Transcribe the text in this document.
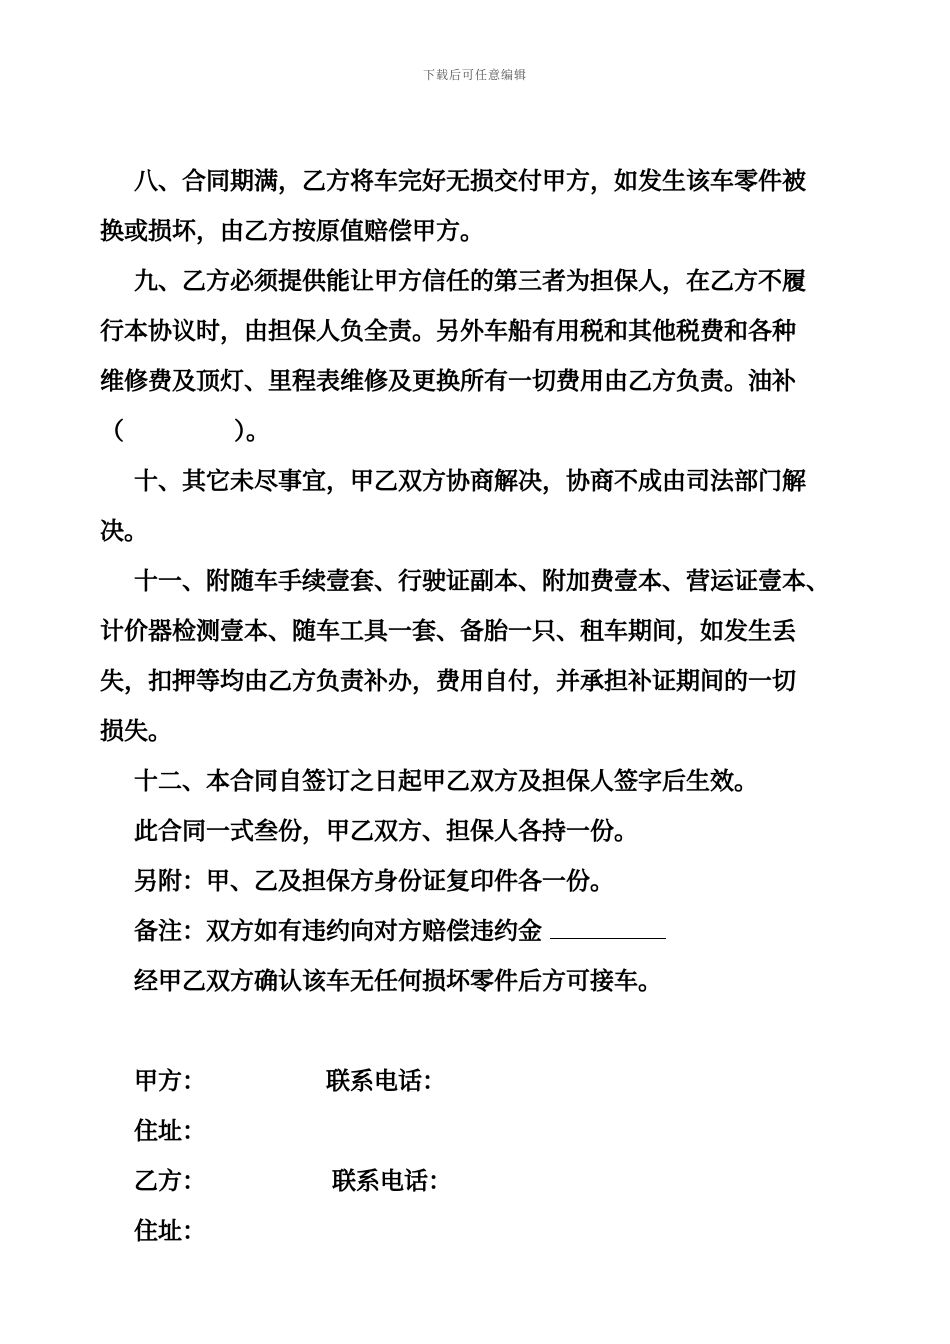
下载后可任意编辑
八、合同期满，乙方将车完好无损交付甲方，如发生该车零件被
换或损坏，由乙方按原值赔偿甲方。
九、乙方必须提供能让甲方信任的第三者为担保人，在乙方不履
行本协议时，由担保人负全责。另外车船有用税和其他税费和各种
维修费及顶灯、里程表维修及更换所有一切费用由乙方负责。油补
（	）。
十、其它未尽事宜，甲乙双方协商解决，协商不成由司法部门解
决。
十一、附随车手续壹套、行驶证副本、附加费壹本、营运证壹本、
计价器检测壹本、随车工具一套、备胎一只、租车期间，如发生丢
失，扣押等均由乙方负责补办，费用自付，并承担补证期间的一切
损失。
十二、本合同自签订之日起甲乙双方及担保人签字后生效。
此合同一式叁份，甲乙双方、担保人各持一份。
另附：甲、乙及担保方身份证复印件各一份。
备注：双方如有违约向对方赔偿违约金
经甲乙双方确认该车无任何损坏零件后方可接车。
甲方：	联系电话：
住址：
乙方：	联系电话：
住址：
